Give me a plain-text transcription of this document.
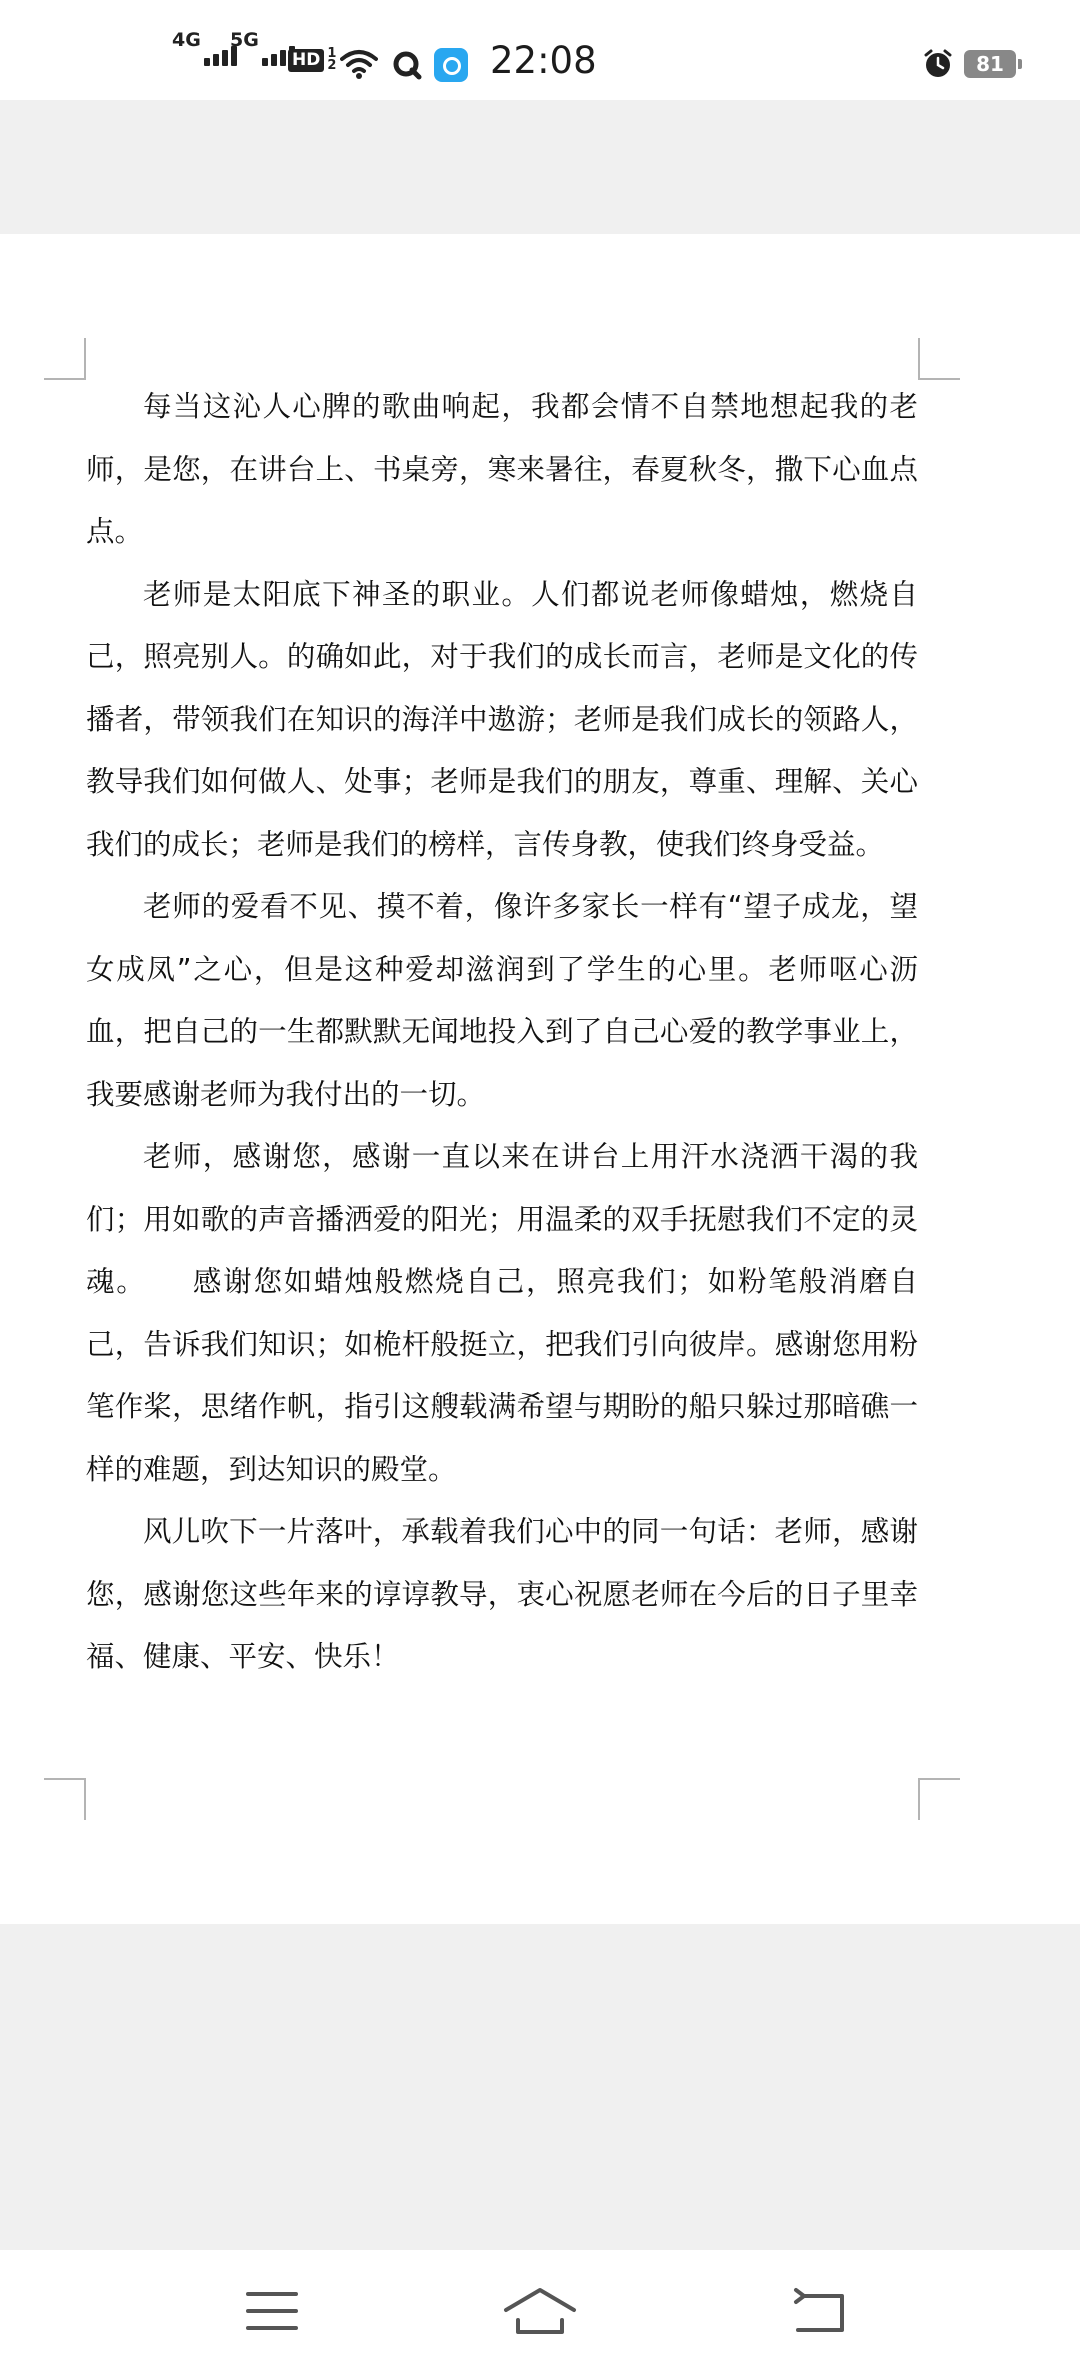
4G 5G
HD 1
2	22:08	81

每当这沁人心脾的歌曲响起，我都会情不自禁地想起我的老师，是您，在讲台上、书桌旁，寒来暑往，春夏秋冬，撒下心血点点。

老师是太阳底下神圣的职业。人们都说老师像蜡烛，燃烧自己，照亮别人。的确如此，对于我们的成长而言，老师是文化的传播者，带领我们在知识的海洋中遨游；老师是我们成长的领路人，教导我们如何做人、处事；老师是我们的朋友，尊重、理解、关心我们的成长；老师是我们的榜样，言传身教，使我们终身受益。

老师的爱看不见、摸不着，像许多家长一样有“望子成龙，望女成凤”之心，但是这种爱却滋润到了学生的心里。老师呕心沥血，把自己的一生都默默无闻地投入到了自己心爱的教学事业上，我要感谢老师为我付出的一切。

老师，感谢您，感谢一直以来在讲台上用汗水浇洒干渴的我们；用如歌的声音播洒爱的阳光；用温柔的双手抚慰我们不定的灵魂。　　感谢您如蜡烛般燃烧自己，照亮我们；如粉笔般消磨自己，告诉我们知识；如桅杆般挺立，把我们引向彼岸。感谢您用粉笔作桨，思绪作帆，指引这艘载满希望与期盼的船只躲过那暗礁一样的难题，到达知识的殿堂。

风儿吹下一片落叶，承载着我们心中的同一句话：老师，感谢您，感谢您这些年来的谆谆教导，衷心祝愿老师在今后的日子里幸福、健康、平安、快乐！
